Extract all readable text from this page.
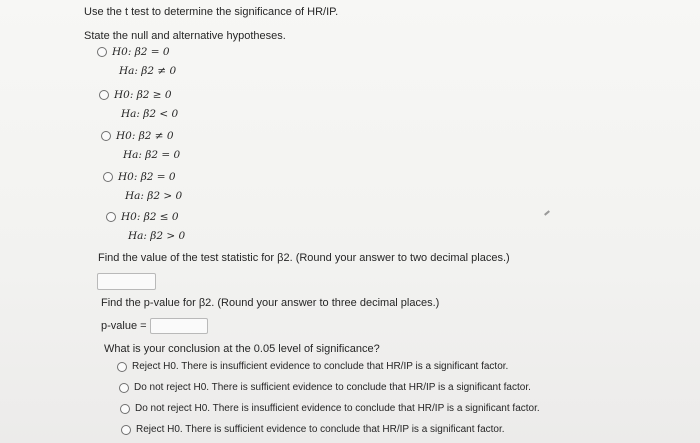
Use the t test to determine the significance of HR/IP.
State the null and alternative hypotheses.
H0: β2 = 0
Ha: β2 ≠ 0
H0: β2 ≥ 0
Ha: β2 < 0
H0: β2 ≠ 0
Ha: β2 = 0
H0: β2 = 0
Ha: β2 > 0
H0: β2 ≤ 0
Ha: β2 > 0
Find the value of the test statistic for β2. (Round your answer to two decimal places.)
Find the p-value for β2. (Round your answer to three decimal places.)
p-value =
What is your conclusion at the 0.05 level of significance?
Reject H0. There is insufficient evidence to conclude that HR/IP is a significant factor.
Do not reject H0. There is sufficient evidence to conclude that HR/IP is a significant factor.
Do not reject H0. There is insufficient evidence to conclude that HR/IP is a significant factor.
Reject H0. There is sufficient evidence to conclude that HR/IP is a significant factor.
